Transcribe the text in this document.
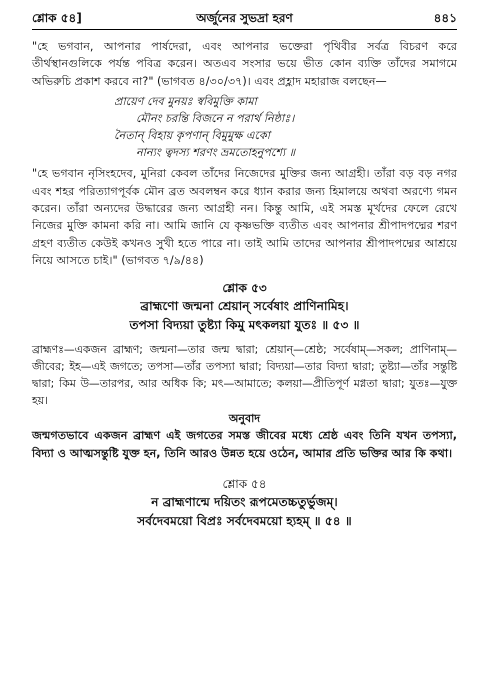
শ্লোক ৫৪]	অর্জুনের সুভদ্রা হরণ	৪৪১

"হে ভগবান, আপনার পার্ষদেরা, এবং আপনার ভক্তেরা পৃথিবীর সর্বত্র বিচরণ করে তীর্থস্থানগুলিকে পর্যন্ত পবিত্র করেন। অতএব সংসার ভয়ে ভীত কোন ব্যক্তি তাঁদের সমাগমে অভিরুচি প্রকাশ করবে না?" (ভাগবত ৪/৩০/৩৭)। এবং প্রহ্লাদ মহারাজ বলছেন—

প্রায়েণ দেব মুনয়ঃ স্ববিমুক্তি কামা
মৌনং চরন্তি বিজনে ন পরার্থ নিষ্ঠাঃ।
নৈতান্ বিহায় কৃপণান্ বিমুমুক্ষ একো
নান্যং ত্বদস্য শরণং ভ্রমতোহনুপশ্যে ॥

"হে ভগবান নৃসিংহদেব, মুনিরা কেবল তাঁদের নিজেদের মুক্তির জন্য আগ্রহী। তাঁরা বড় বড় নগর এবং শহর পরিত্যাগপূর্বক মৌন ব্রত অবলম্বন করে ধ্যান করার জন্য হিমালয়ে অথবা অরণ্যে গমন করেন। তাঁরা অন্যদের উদ্ধারের জন্য আগ্রহী নন। কিন্তু আমি, এই সমস্ত মূর্খদের ফেলে রেখে নিজের মুক্তি কামনা করি না। আমি জানি যে কৃষ্ণভক্তি ব্যতীত এবং আপনার শ্রীপাদপদ্মের শরণ গ্রহণ ব্যতীত কেউই কখনও সুখী হতে পারে না। তাই আমি তাদের আপনার শ্রীপাদপদ্মের আশ্রয়ে নিয়ে আসতে চাই।" (ভাগবত ৭/৯/৪৪)

শ্লোক ৫৩
ব্রাহ্মণো জন্মনা শ্রেয়ান্ সর্বেষাং প্রাণিনামিহ।
তপসা বিদ্যয়া তুষ্ট্যা কিমু মৎকলয়া যুতঃ ॥ ৫৩ ॥

ব্রাহ্মণঃ—একজন ব্রাহ্মণ; জন্মনা—তার জন্ম দ্বারা; শ্রেয়ান্—শ্রেষ্ঠ; সর্বেষাম্—সকল; প্রাণিনাম্—জীবের; ইহ—এই জগতে; তপসা—তাঁর তপস্যা দ্বারা; বিদ্যয়া—তার বিদ্যা দ্বারা; তুষ্ট্যা—তাঁর সন্তুষ্টি দ্বারা; কিম উ—তারপর, আর অধিক কি; মৎ—আমাতে; কলয়া—প্রীতিপূর্ণ মগ্নতা দ্বারা; যুতঃ—যুক্ত হয়।

অনুবাদ

জন্মগতভাবে একজন ব্রাহ্মণ এই জগতের সমস্ত জীবের মধ্যে শ্রেষ্ঠ এবং তিনি যখন তপস্যা, বিদ্যা ও আত্মসন্তুষ্টি যুক্ত হন, তিনি আরও উন্নত হয়ে ওঠেন, আমার প্রতি ভক্তির আর কি কথা।

শ্লোক ৫৪
ন ব্রাহ্মণান্মে দয়িতং রূপমেতচ্চতুর্ভুজম্।
সর্বদেবময়ো বিপ্রঃ সর্বদেবময়ো হ্যহম্ ॥ ৫৪ ॥
